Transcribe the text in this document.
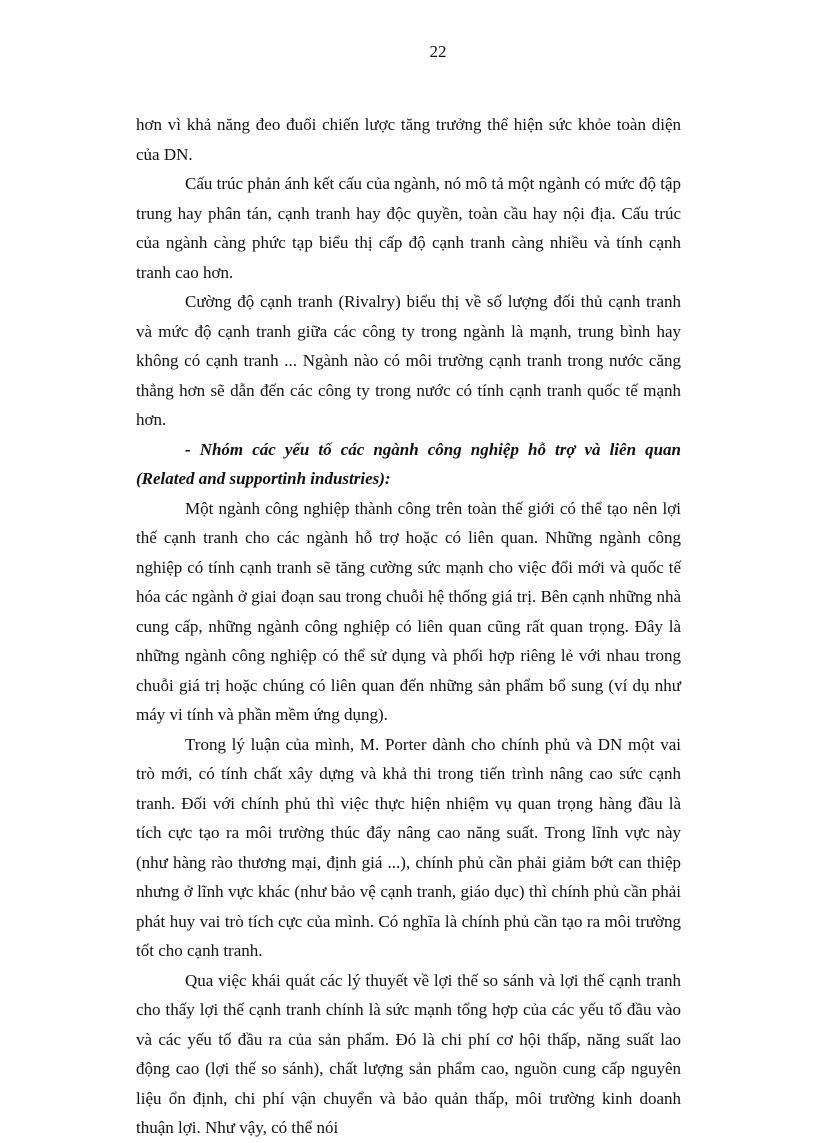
22

hơn vì khả năng đeo đuổi chiến lược tăng trưởng thể hiện sức khỏe toàn diện của DN.

Cấu trúc phản ánh kết cấu của ngành, nó mô tả một ngành có mức độ tập trung hay phân tán, cạnh tranh hay độc quyền, toàn cầu hay nội địa. Cấu trúc của ngành càng phức tạp biểu thị cấp độ cạnh tranh càng nhiều và tính cạnh tranh cao hơn.

Cường độ cạnh tranh (Rivalry) biểu thị về số lượng đối thủ cạnh tranh và mức độ cạnh tranh giữa các công ty trong ngành là mạnh, trung bình hay không có cạnh tranh ... Ngành nào có môi trường cạnh tranh trong nước căng thẳng hơn sẽ dẫn đến các công ty trong nước có tính cạnh tranh quốc tế mạnh hơn.

- Nhóm các yếu tố các ngành công nghiệp hỗ trợ và liên quan (Related and supportinh industries):

Một ngành công nghiệp thành công trên toàn thế giới có thể tạo nên lợi thế cạnh tranh cho các ngành hỗ trợ hoặc có liên quan. Những ngành công nghiệp có tính cạnh tranh sẽ tăng cường sức mạnh cho việc đổi mới và quốc tế hóa các ngành ở giai đoạn sau trong chuỗi hệ thống giá trị. Bên cạnh những nhà cung cấp, những ngành công nghiệp có liên quan cũng rất quan trọng. Đây là những ngành công nghiệp có thể sử dụng và phối hợp riêng lẻ với nhau trong chuỗi giá trị hoặc chúng có liên quan đến những sản phẩm bổ sung (ví dụ như máy vi tính và phần mềm ứng dụng).

Trong lý luận của mình, M. Porter dành cho chính phủ và DN một vai trò mới, có tính chất xây dựng và khả thi trong tiến trình nâng cao sức cạnh tranh. Đối với chính phủ thì việc thực hiện nhiệm vụ quan trọng hàng đầu là tích cực tạo ra môi trường thúc đẩy nâng cao năng suất. Trong lĩnh vực này (như hàng rào thương mại, định giá ...), chính phủ cần phải giảm bớt can thiệp nhưng ở lĩnh vực khác (như bảo vệ cạnh tranh, giáo dục) thì chính phủ cần phải phát huy vai trò tích cực của mình. Có nghĩa là chính phủ cần tạo ra môi trường tốt cho cạnh tranh.

Qua việc khái quát các lý thuyết về lợi thế so sánh và lợi thế cạnh tranh cho thấy lợi thế cạnh tranh chính là sức mạnh tổng hợp của các yếu tố đầu vào và các yếu tố đầu ra của sản phẩm. Đó là chi phí cơ hội thấp, năng suất lao động cao (lợi thế so sánh), chất lượng sản phẩm cao, nguồn cung cấp nguyên liệu ổn định, chi phí vận chuyển và bảo quản thấp, môi trường kinh doanh thuận lợi. Như vậy, có thể nói
